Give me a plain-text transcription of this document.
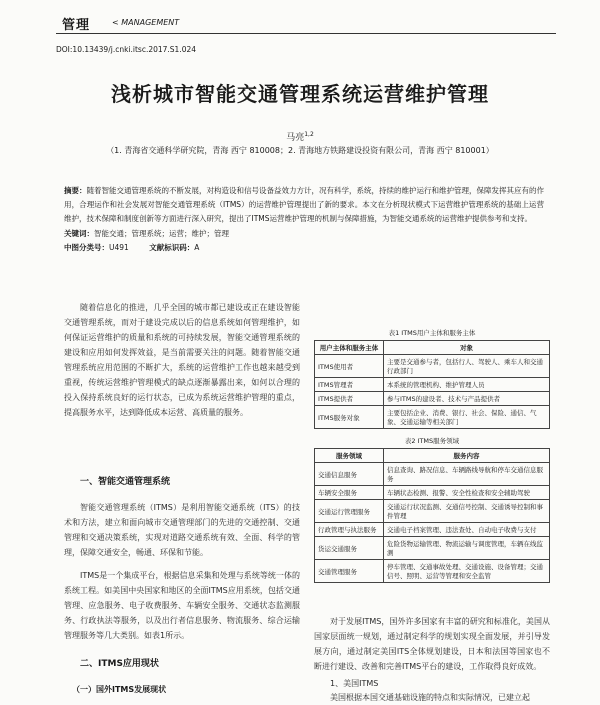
管理	< MANAGEMENT
DOI:10.13439/j.cnki.itsc.2017.S1.024
浅析城市智能交通管理系统运营维护管理
马亮$^{1,2}$
（1. 青海省交通科学研究院，青海 西宁 810008；2. 青海地方铁路建设投资有限公司，青海 西宁 810001）
摘要：随着智能交通管理系统的不断发展，对构造设和信号设备益效力方计，况有科学，系统，持续的维护运行和维护管理，保障发挥其应有的作用，合理运作和社会发展对智能交通管理系统（ITMS）的运营维护管理提出了新的要求。本文在分析现状模式下运营维护管理系统的基础上运营维护，技术保障和制度创新等方面进行深入研究，提出了ITMS运营维护管理的机制与保障措施，为智能交通系统的运营维护提供参考和支持。
关键词：智能交通；管理系统；运营；维护；管理
中图分类号：U491	文献标识码：A
随着信息化的推进，几乎全国的城市都已建设或正在建设智能交通管理系统，而对于建设完成以后的信息系统如何管理维护，如何保证运营维护的质量和系统的可持续发展，智能交通管理系统的建设和应用如何发挥效益，是当前需要关注的问题。随着智能交通管理系统应用范围的不断扩大，系统的运营维护工作也越来越受到重视，传统运营维护管理模式的缺点逐渐暴露出来，如何以合理的投入保持系统良好的运行状态，已成为系统运营维护管理的重点，提高服务水平，达到降低成本运营、高质量的服务。
一、智能交通管理系统
智能交通管理系统（ITMS）是利用智能交通系统（ITS）的技术和方法，建立和面向城市交通管理部门的先进的交通控制、交通管理和交通决策系统，实现对道路交通系统有效、全面、科学的管理，保障交通安全，畅通、环保和节能。
ITMS是一个集成平台，根据信息采集和处理与系统等统一体的系统工程。如美国中央国家和地区的全面ITMS应用系统，包括交通管理、应急服务、电子收费服务、车辆安全服务、交通状态监测服务、行政执法等服务，以及出行者信息服务、物流服务、综合运输管理服务等几大类别。如表1所示。
二、ITMS应用现状
（一）国外ITMS发展现状
表1 ITMS用户主体和服务主体
用户主体和服务主体	对象
ITMS使用者	主要是交通参与者，包括行人、驾驶人、乘车人和交通行政部门
ITMS管理者	本系统的管理机构、维护管理人员
ITMS提供者	参与ITMS的建设者、技术与产品提供者
ITMS服务对象	主要包括企业、消费、银行、社会、保险、通信、气象、交通运输等相关部门
表2 ITMS服务领域
服务领域	服务内容
交通信息服务	信息查询、路况信息、车辆路线导航和停车交通信息服务
车辆安全服务	车辆状态检测、报警、安全性检查和安全辅助驾驶
交通运行管理服务	交通运行状况监测、交通信号控制、交通诱导控制和事件管理
行政管理与执法服务	交通电子档案管理、违法查处、自动电子收费与支付
货运交通服务	危险货物运输管理、物流运输与调度管理，车辆在线监测
交通管理服务	停车管理、交通事故处理、交通设施、设备管理；交通信号、照明、运营等管理和安全监管
对于发展ITMS，国外许多国家有丰富的研究和标准化，美国从国家层面统一规划，通过制定科学的规划实现全面发展，并引导发展方向，通过制定美国ITS全体规划建设，日本和法国等国家也不断进行建设、改善和完善ITMS平台的建设，工作取得良好成效。
1、美国ITMS
美国根据本国交通基础设施的特点和实际情况，已建立起
